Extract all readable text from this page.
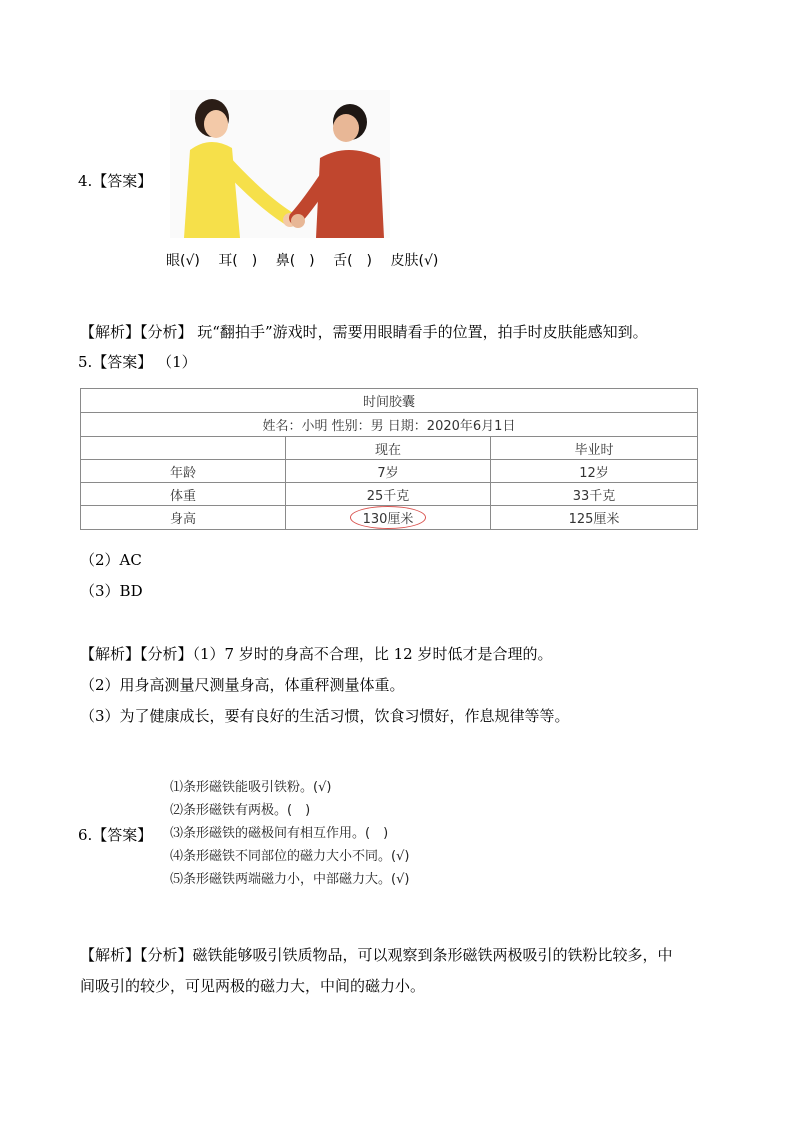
4.【答案】
眼(√) 耳(　) 鼻(　) 舌(　) 皮肤(√)
【解析】【分析】 玩“翻拍手”游戏时，需要用眼睛看手的位置，拍手时皮肤能感知到。
5.【答案】 （1）
时间胶囊		
姓名：小明 性别：男 日期：2020年6月1日		
	现在	毕业时
年龄	7岁	12岁
体重	25千克	33千克
身高	130厘米	125厘米
（2）AC
（3）BD
【解析】【分析】（1）7 岁时的身高不合理，比 12 岁时低才是合理的。
（2）用身高测量尺测量身高，体重秤测量体重。
（3）为了健康成长，要有良好的生活习惯，饮食习惯好，作息规律等等。
⑴条形磁铁能吸引铁粉。(√)
⑵条形磁铁有两极。(　)
⑶条形磁铁的磁极间有相互作用。(　)
⑷条形磁铁不同部位的磁力大小不同。(√)
⑸条形磁铁两端磁力小，中部磁力大。(√)
6.【答案】
【解析】【分析】磁铁能够吸引铁质物品，可以观察到条形磁铁两极吸引的铁粉比较多，中
间吸引的较少，可见两极的磁力大，中间的磁力小。
